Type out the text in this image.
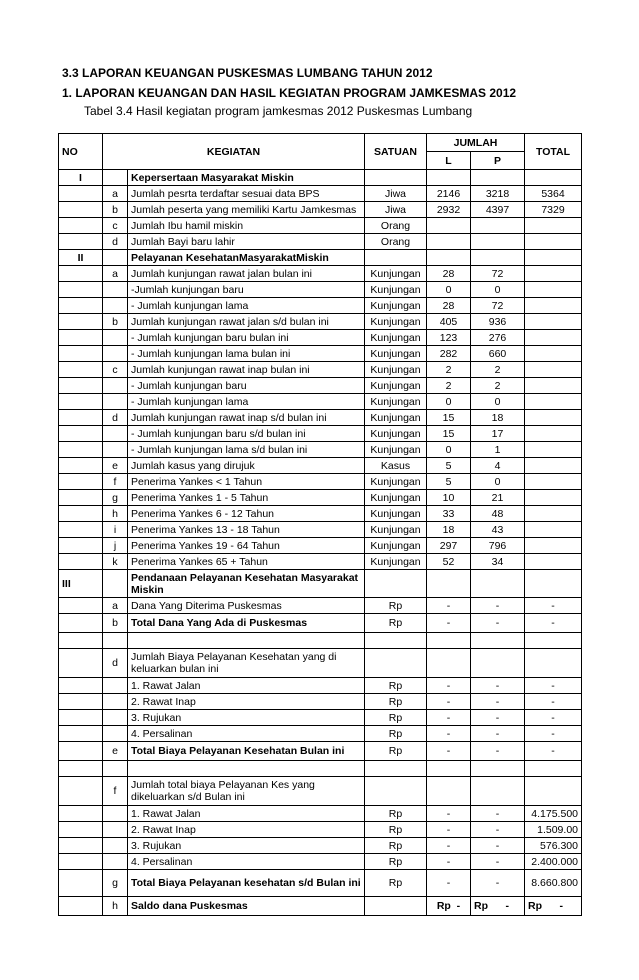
3.3 LAPORAN KEUANGAN PUSKESMAS LUMBANG TAHUN 2012
1. LAPORAN KEUANGAN DAN HASIL KEGIATAN PROGRAM JAMKESMAS 2012
Tabel 3.4 Hasil kegiatan program jamkesmas 2012 Puskesmas Lumbang
NO	KEGIATAN		SATUAN	JUMLAH		TOTAL
				L	P	
I		Kepersertaan Masyarakat Miskin				
	a	Jumlah pesrta terdaftar sesuai data BPS	Jiwa	2146	3218	5364
	b	Jumlah peserta yang memiliki Kartu Jamkesmas	Jiwa	2932	4397	7329
	c	Jumlah Ibu hamil miskin	Orang			
	d	Jumlah Bayi baru lahir	Orang			
II		Pelayanan KesehatanMasyarakatMiskin				
	a	Jumlah kunjungan rawat jalan bulan ini	Kunjungan	28	72	
		-Jumlah kunjungan baru	Kunjungan	0	0	
		- Jumlah kunjungan lama	Kunjungan	28	72	
	b	Jumlah kunjungan rawat jalan s/d bulan ini	Kunjungan	405	936	
		- Jumlah kunjungan baru bulan ini	Kunjungan	123	276	
		- Jumlah kunjungan lama bulan ini	Kunjungan	282	660	
	c	Jumlah kunjungan rawat inap bulan ini	Kunjungan	2	2	
		- Jumlah kunjungan baru	Kunjungan	2	2	
		- Jumlah kunjungan lama	Kunjungan	0	0	
	d	Jumlah kunjungan rawat inap s/d bulan ini	Kunjungan	15	18	
		- Jumlah kunjungan baru s/d bulan ini	Kunjungan	15	17	
		- Jumlah kunjungan lama s/d bulan ini	Kunjungan	0	1	
	e	Jumlah kasus yang dirujuk	Kasus	5	4	
	f	Penerima Yankes < 1 Tahun	Kunjungan	5	0	
	g	Penerima Yankes 1 - 5 Tahun	Kunjungan	10	21	
	h	Penerima Yankes 6 - 12 Tahun	Kunjungan	33	48	
	i	Penerima Yankes 13 - 18 Tahun	Kunjungan	18	43	
	j	Penerima Yankes 19 - 64 Tahun	Kunjungan	297	796	
	k	Penerima Yankes 65 + Tahun	Kunjungan	52	34	
III		Pendanaan Pelayanan Kesehatan Masyarakat Miskin				
	a	Dana Yang Diterima Puskesmas	Rp	-	-	-
	b	Total Dana Yang Ada di Puskesmas	Rp	-	-	-

	d	Jumlah Biaya Pelayanan Kesehatan yang di keluarkan bulan ini				
		1. Rawat Jalan	Rp	-	-	-
		2. Rawat Inap	Rp	-	-	-
		3. Rujukan	Rp	-	-	-
		4. Persalinan	Rp	-	-	-
	e	Total Biaya Pelayanan Kesehatan Bulan ini	Rp	-	-	-

	f	Jumlah total biaya Pelayanan Kes yang dikeluarkan s/d Bulan ini				
		1. Rawat Jalan	Rp	-	-	4.175.500
		2. Rawat Inap	Rp	-	-	1.509.00
		3. Rujukan	Rp	-	-	576.300
		4. Persalinan	Rp	-	-	2.400.000
	g	Total Biaya Pelayanan kesehatan s/d Bulan ini	Rp	-	-	8.660.800
	h	Saldo dana Puskesmas		Rp  -	Rp      -	Rp      -
